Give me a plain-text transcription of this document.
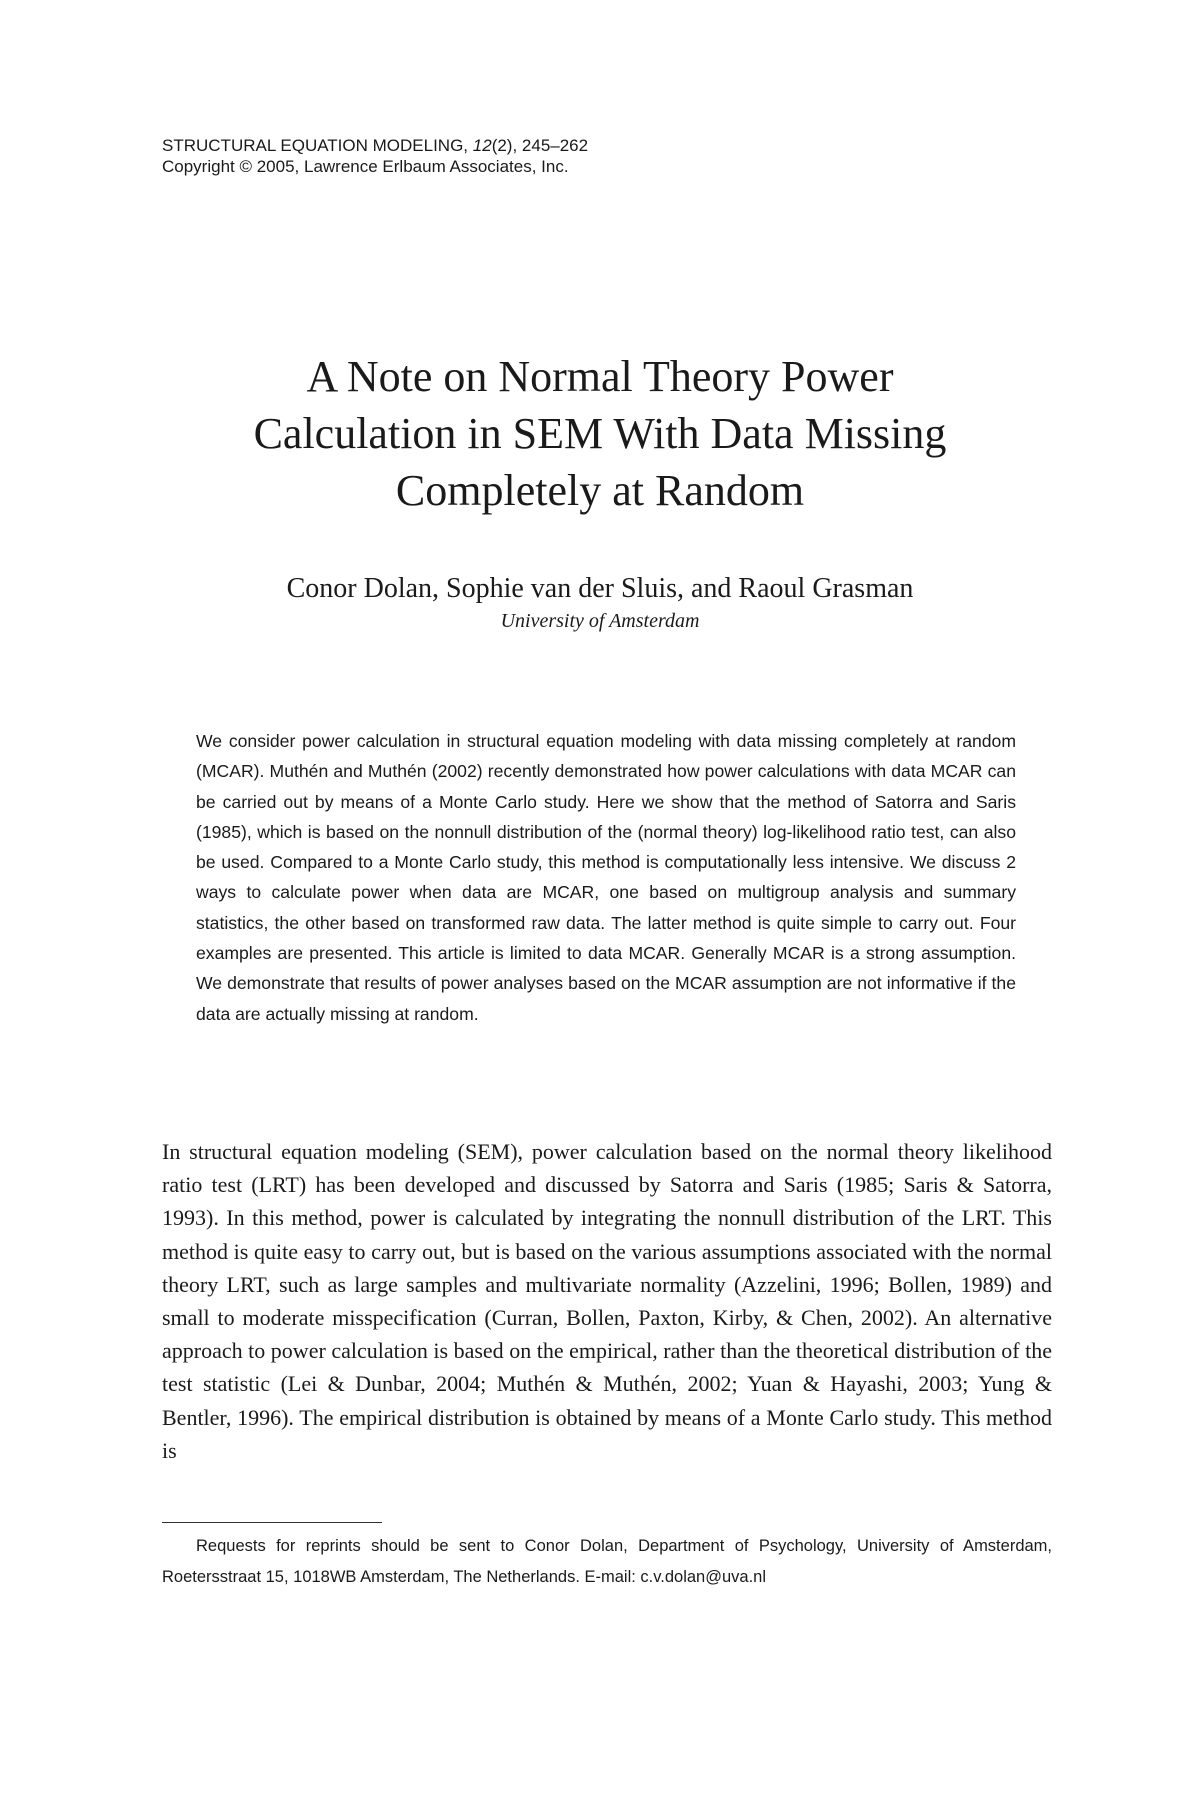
STRUCTURAL EQUATION MODELING, 12(2), 245–262
Copyright © 2005, Lawrence Erlbaum Associates, Inc.
A Note on Normal Theory Power
Calculation in SEM With Data Missing
Completely at Random
Conor Dolan, Sophie van der Sluis, and Raoul Grasman
University of Amsterdam

We consider power calculation in structural equation modeling with data missing completely at random (MCAR). Muthén and Muthén (2002) recently demonstrated how power calculations with data MCAR can be carried out by means of a Monte Carlo study. Here we show that the method of Satorra and Saris (1985), which is based on the nonnull distribution of the (normal theory) log-likelihood ratio test, can also be used. Compared to a Monte Carlo study, this method is computationally less intensive. We discuss 2 ways to calculate power when data are MCAR, one based on multigroup analysis and summary statistics, the other based on transformed raw data. The latter method is quite simple to carry out. Four examples are presented. This article is limited to data MCAR. Generally MCAR is a strong assumption. We demonstrate that results of power analyses based on the MCAR assumption are not informative if the data are actually missing at random.

In structural equation modeling (SEM), power calculation based on the normal theory likelihood ratio test (LRT) has been developed and discussed by Satorra and Saris (1985; Saris & Satorra, 1993). In this method, power is calculated by integrating the nonnull distribution of the LRT. This method is quite easy to carry out, but is based on the various assumptions associated with the normal theory LRT, such as large samples and multivariate normality (Azzelini, 1996; Bollen, 1989) and small to moderate misspecification (Curran, Bollen, Paxton, Kirby, & Chen, 2002). An alternative approach to power calculation is based on the empirical, rather than the theoretical distribution of the test statistic (Lei & Dunbar, 2004; Muthén & Muthén, 2002; Yuan & Hayashi, 2003; Yung & Bentler, 1996). The empirical distribution is obtained by means of a Monte Carlo study. This method is

Requests for reprints should be sent to Conor Dolan, Department of Psychology, University of Amsterdam, Roetersstraat 15, 1018WB Amsterdam, The Netherlands. E-mail: c.v.dolan@uva.nl
